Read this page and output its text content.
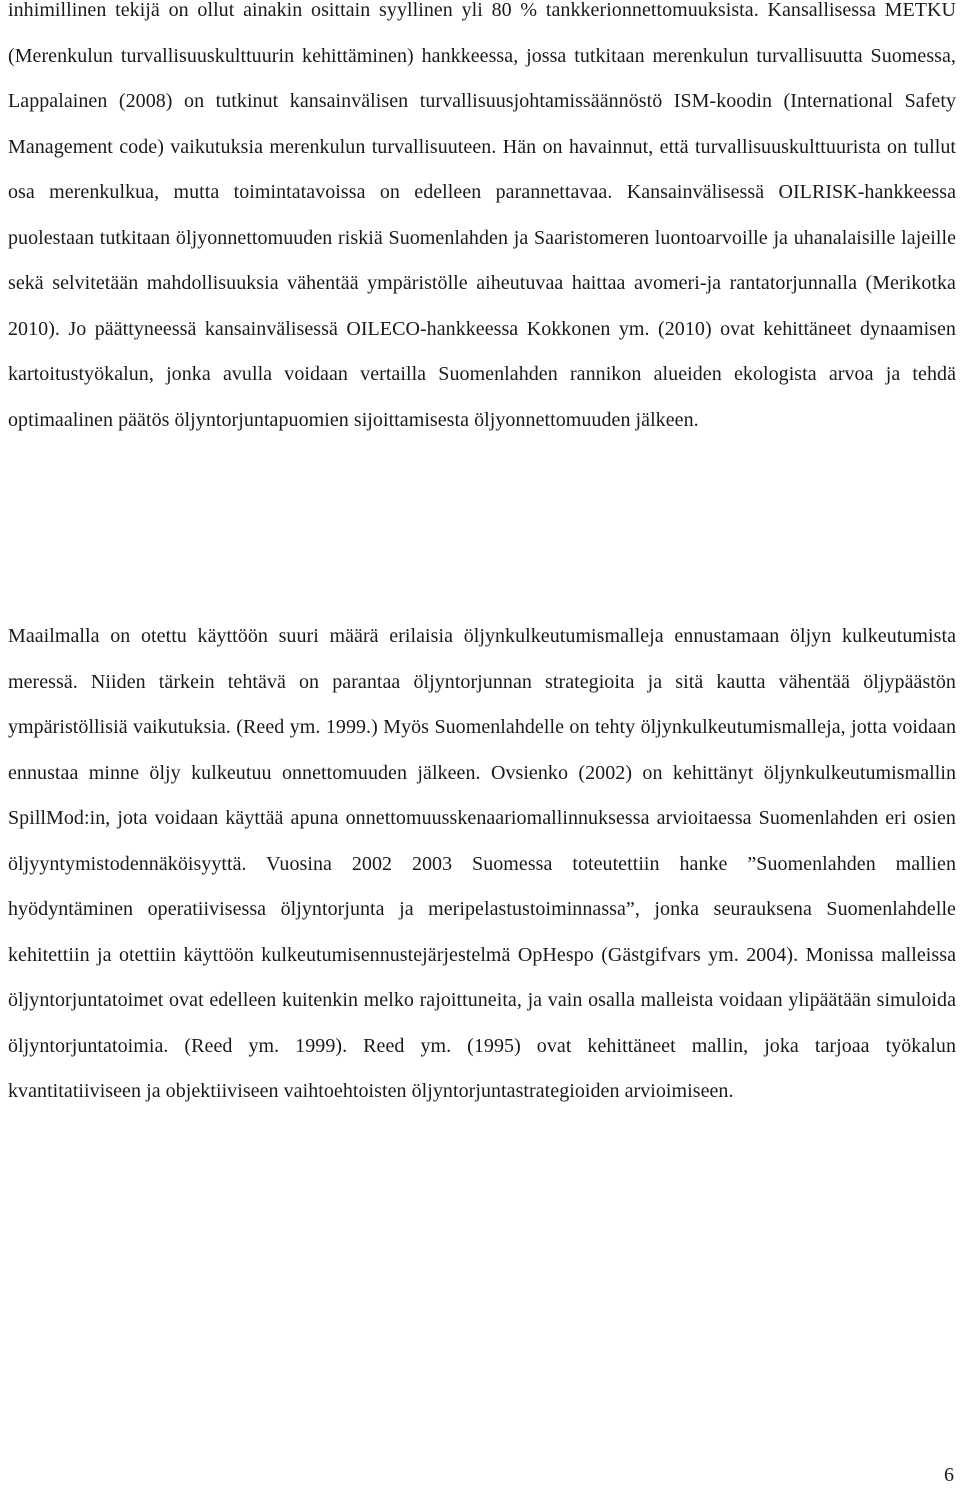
inhimillinen tekijä on ollut ainakin osittain syyllinen yli 80 % tankkerionnettomuuksista. Kansallisessa METKU (Merenkulun turvallisuuskulttuurin kehittäminen) hankkeessa, jossa tutkitaan merenkulun turvallisuutta Suomessa, Lappalainen (2008) on tutkinut kansainvälisen turvallisuusjohtamissäännöstö ISM-koodin (International Safety Management code) vaikutuksia merenkulun turvallisuuteen. Hän on havainnut, että turvallisuuskulttuurista on tullut osa merenkulkua, mutta toimintatavoissa on edelleen parannettavaa. Kansainvälisessä OILRISK-hankkeessa puolestaan tutkitaan öljyonnettomuuden riskiä Suomenlahden ja Saaristomeren luontoarvoille ja uhanalaisille lajeille sekä selvitetään mahdollisuuksia vähentää ympäristölle aiheutuvaa haittaa avomeri-ja rantatorjunnalla (Merikotka 2010). Jo päättyneessä kansainvälisessä OILECO-hankkeessa Kokkonen ym. (2010) ovat kehittäneet dynaamisen kartoitustyökalun, jonka avulla voidaan vertailla Suomenlahden rannikon alueiden ekologista arvoa ja tehdä optimaalinen päätös öljyntorjuntapuomien sijoittamisesta öljyonnettomuuden jälkeen.

Maailmalla on otettu käyttöön suuri määrä erilaisia öljynkulkeutumismalleja ennustamaan öljyn kulkeutumista meressä. Niiden tärkein tehtävä on parantaa öljyntorjunnan strategioita ja sitä kautta vähentää öljypäästön ympäristöllisiä vaikutuksia. (Reed ym. 1999.) Myös Suomenlahdelle on tehty öljynkulkeutumismalleja, jotta voidaan ennustaa minne öljy kulkeutuu onnettomuuden jälkeen. Ovsienko (2002) on kehittänyt öljynkulkeutumismallin SpillMod:in, jota voidaan käyttää apuna onnettomuusskenaariomallinnuksessa arvioitaessa Suomenlahden eri osien öljyyntymistodennäköisyyttä. Vuosina 2002 2003 Suomessa toteutettiin hanke ”Suomenlahden mallien hyödyntäminen operatiivisessa öljyntorjunta ja meripelastustoiminnassa”, jonka seurauksena Suomenlahdelle kehitettiin ja otettiin käyttöön kulkeutumisennustejärjestelmä OpHespo (Gästgifvars ym. 2004). Monissa malleissa öljyntorjuntatoimet ovat edelleen kuitenkin melko rajoittuneita, ja vain osalla malleista voidaan ylipäätään simuloida öljyntorjuntatoimia. (Reed ym. 1999). Reed ym. (1995) ovat kehittäneet mallin, joka tarjoaa työkalun kvantitatiiviseen ja objektiiviseen vaihtoehtoisten öljyntorjuntastrategioiden arvioimiseen.

6
